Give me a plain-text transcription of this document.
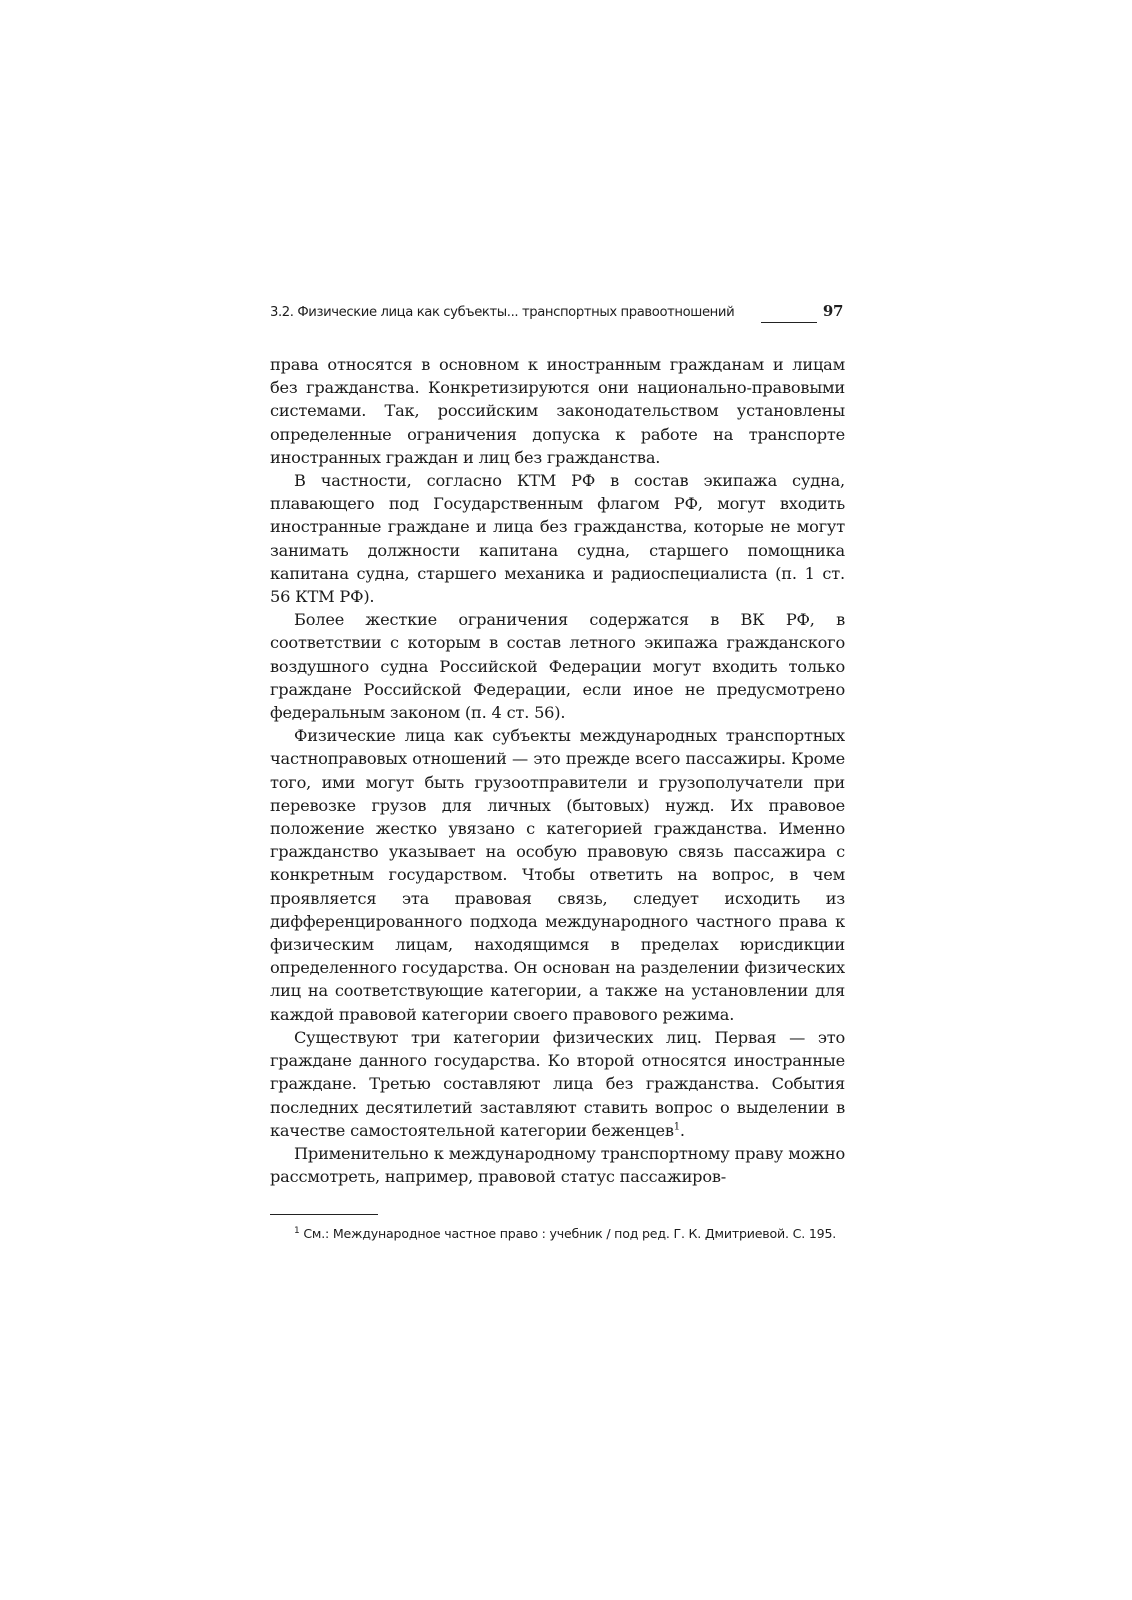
3.2. Физические лица как субъекты... транспортных правоотношений	97

права относятся в основном к иностранным гражданам и лицам без гражданства. Конкретизируются они национально-правовыми системами. Так, российским законодательством установлены определенные ограничения допуска к работе на транспорте иностранных граждан и лиц без гражданства.

В частности, согласно КТМ РФ в состав экипажа судна, плавающего под Государственным флагом РФ, могут входить иностранные граждане и лица без гражданства, которые не могут занимать должности капитана судна, старшего помощника капитана судна, старшего механика и радиоспециалиста (п. 1 ст. 56 КТМ РФ).

Более жесткие ограничения содержатся в ВК РФ, в соответствии с которым в состав летного экипажа гражданского воздушного судна Российской Федерации могут входить только граждане Российской Федерации, если иное не предусмотрено федеральным законом (п. 4 ст. 56).

Физические лица как субъекты международных транспортных частноправовых отношений — это прежде всего пассажиры. Кроме того, ими могут быть грузоотправители и грузополучатели при перевозке грузов для личных (бытовых) нужд. Их правовое положение жестко увязано с категорией гражданства. Именно гражданство указывает на особую правовую связь пассажира с конкретным государством. Чтобы ответить на вопрос, в чем проявляется эта правовая связь, следует исходить из дифференцированного подхода международного частного права к физическим лицам, находящимся в пределах юрисдикции определенного государства. Он основан на разделении физических лиц на соответствующие категории, а также на установлении для каждой правовой категории своего правового режима.

Существуют три категории физических лиц. Первая — это граждане данного государства. Ко второй относятся иностранные граждане. Третью составляют лица без гражданства. События последних десятилетий заставляют ставить вопрос о выделении в качестве самостоятельной категории беженцев$^1$.

Применительно к международному транспортному праву можно рассмотреть, например, правовой статус пассажиров-

$^1$ См.: Международное частное право : учебник / под ред. Г. К. Дмитриевой. С. 195.
